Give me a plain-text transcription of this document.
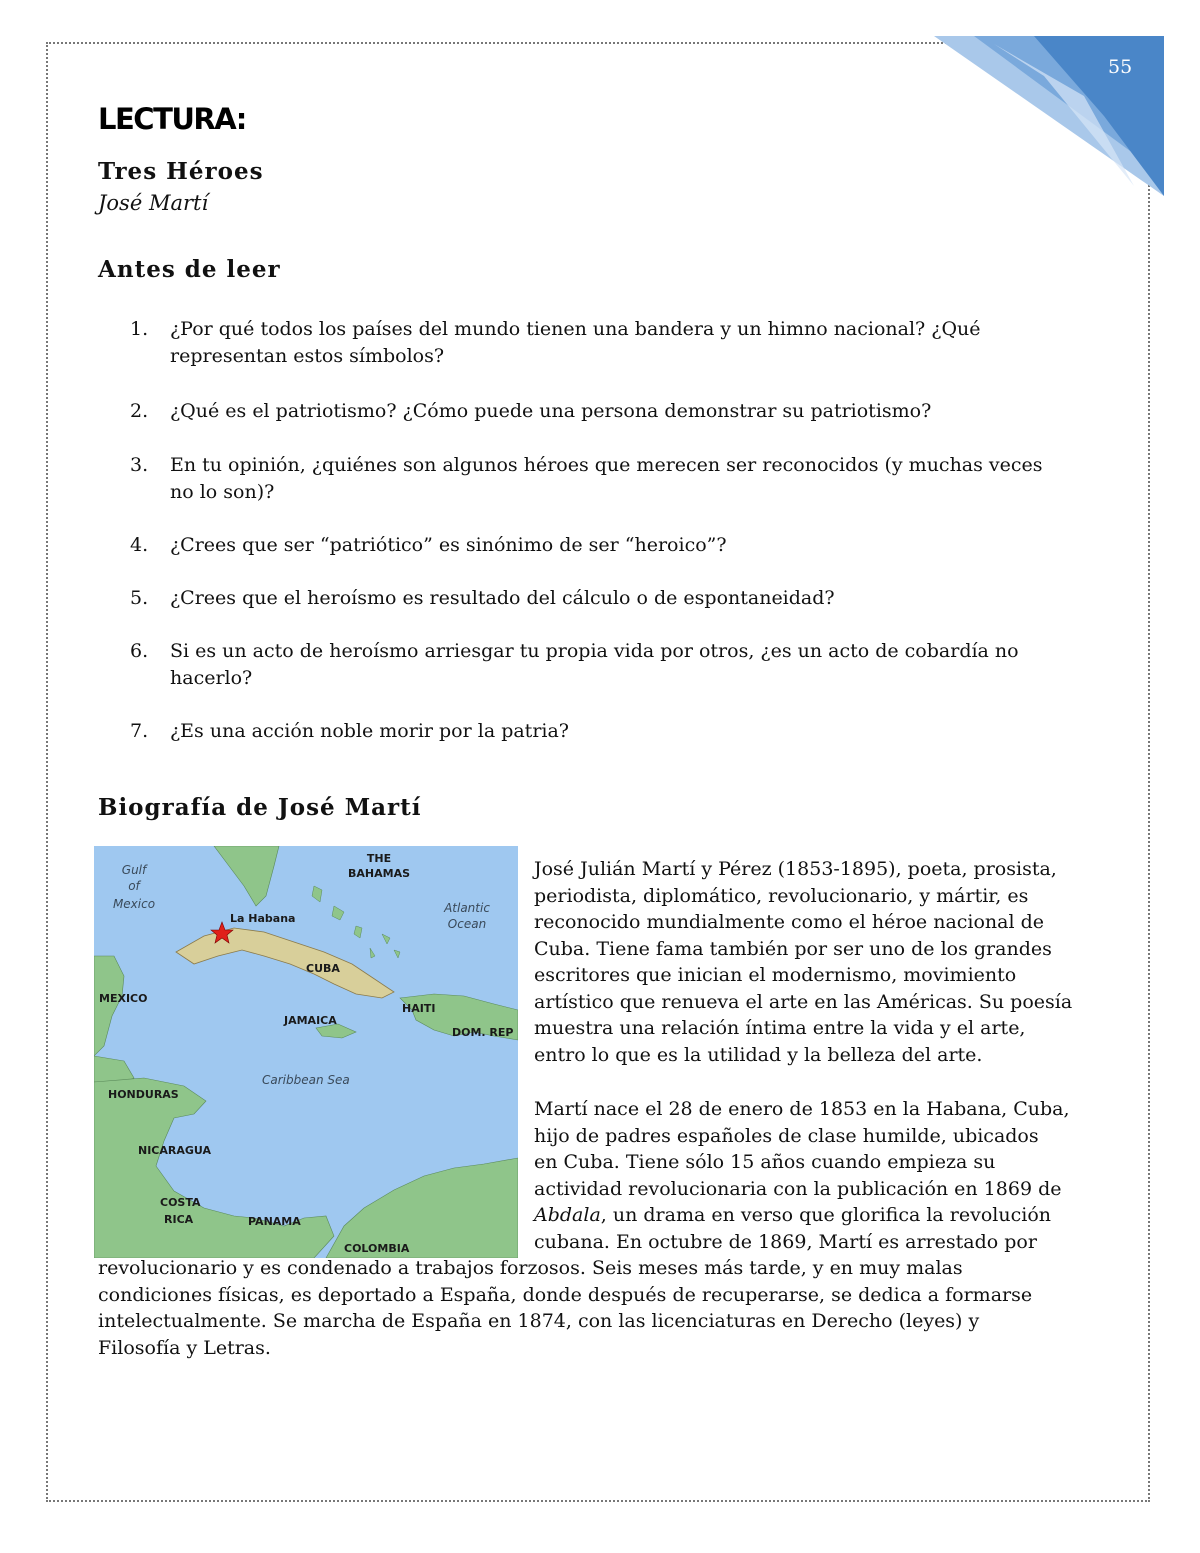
55
LECTURA:
Tres Héroes
José Martí
Antes de leer
1.	¿Por qué todos los países del mundo tienen una bandera y un himno nacional? ¿Qué
representan estos símbolos?
2.	¿Qué es el patriotismo? ¿Cómo puede una persona demonstrar su patriotismo?
3.	En tu opinión, ¿quiénes son algunos héroes que merecen ser reconocidos (y muchas veces
no lo son)?
4.	¿Crees que ser “patriótico” es sinónimo de ser “heroico”?
5.	¿Crees que el heroísmo es resultado del cálculo o de espontaneidad?
6.	Si es un acto de heroísmo arriesgar tu propia vida por otros, ¿es un acto de cobardía no
hacerlo?
7.	¿Es una acción noble morir por la patria?
Biografía de José Martí
Gulf
of
Mexico
THE
BAHAMAS
Atlantic
Ocean
La Habana
CUBA
MEXICO
HAITI
JAMAICA
DOM. REP
Caribbean Sea
HONDURAS
NICARAGUA
COSTA
RICA	PANAMA
COLOMBIA

José Julián Martí y Pérez (1853-1895), poeta, prosista,
periodista, diplomático, revolucionario, y mártir, es
reconocido mundialmente como el héroe nacional de
Cuba. Tiene fama también por ser uno de los grandes
escritores que inician el modernismo, movimiento
artístico que renueva el arte en las Américas. Su poesía
muestra una relación íntima entre la vida y el arte,
entro lo que es la utilidad y la belleza del arte.

Martí nace el 28 de enero de 1853 en la Habana, Cuba,
hijo de padres españoles de clase humilde, ubicados
en Cuba. Tiene sólo 15 años cuando empieza su
actividad revolucionaria con la publicación en 1869 de
Abdala, un drama en verso que glorifica la revolución
cubana. En octubre de 1869, Martí es arrestado por

revolucionario y es condenado a trabajos forzosos. Seis meses más tarde, y en muy malas
condiciones físicas, es deportado a España, donde después de recuperarse, se dedica a formarse
intelectualmente. Se marcha de España en 1874, con las licenciaturas en Derecho (leyes) y
Filosofía y Letras.
